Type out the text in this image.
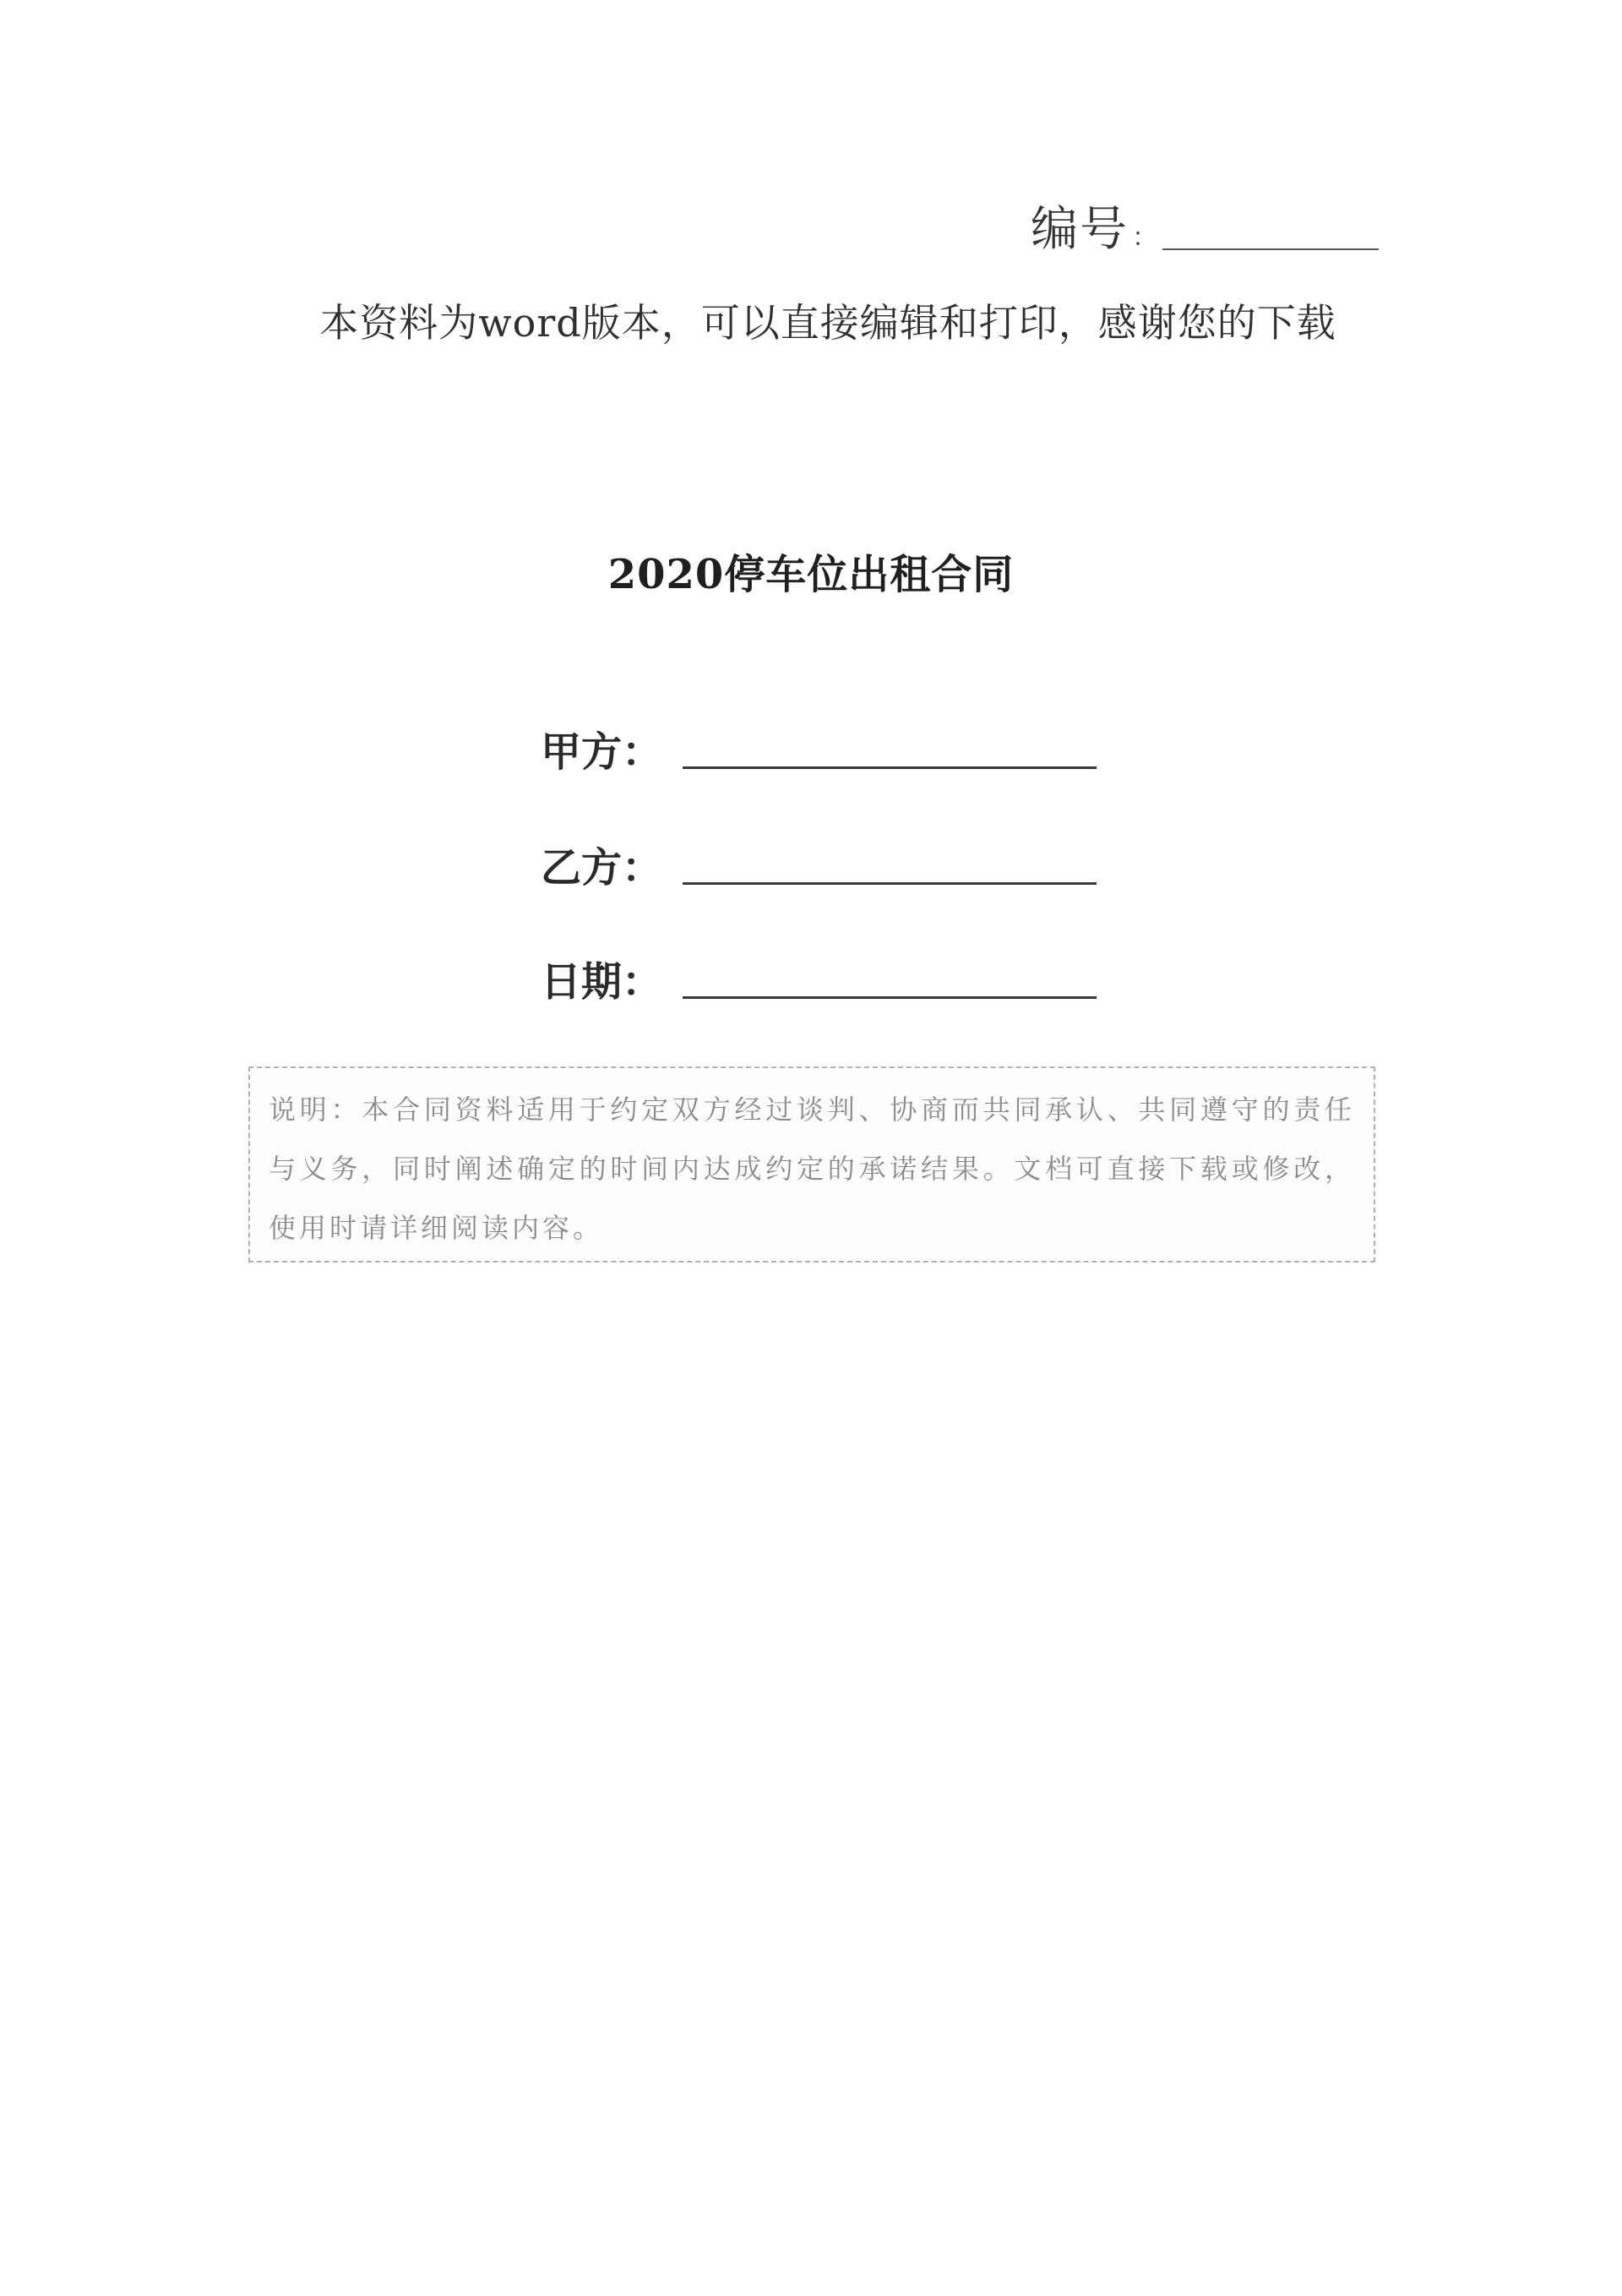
编号 ：
本资料为word版本，可以直接编辑和打印，感谢您的下载
2020停车位出租合同
甲方：
乙方：
日期：

说明：本合同资料适用于约定双方经过谈判、协商而共同承认、共同遵守的责任与义务，同时阐述确定的时间内达成约定的承诺结果。文档可直接下载或修改，使用时请详细阅读内容。
